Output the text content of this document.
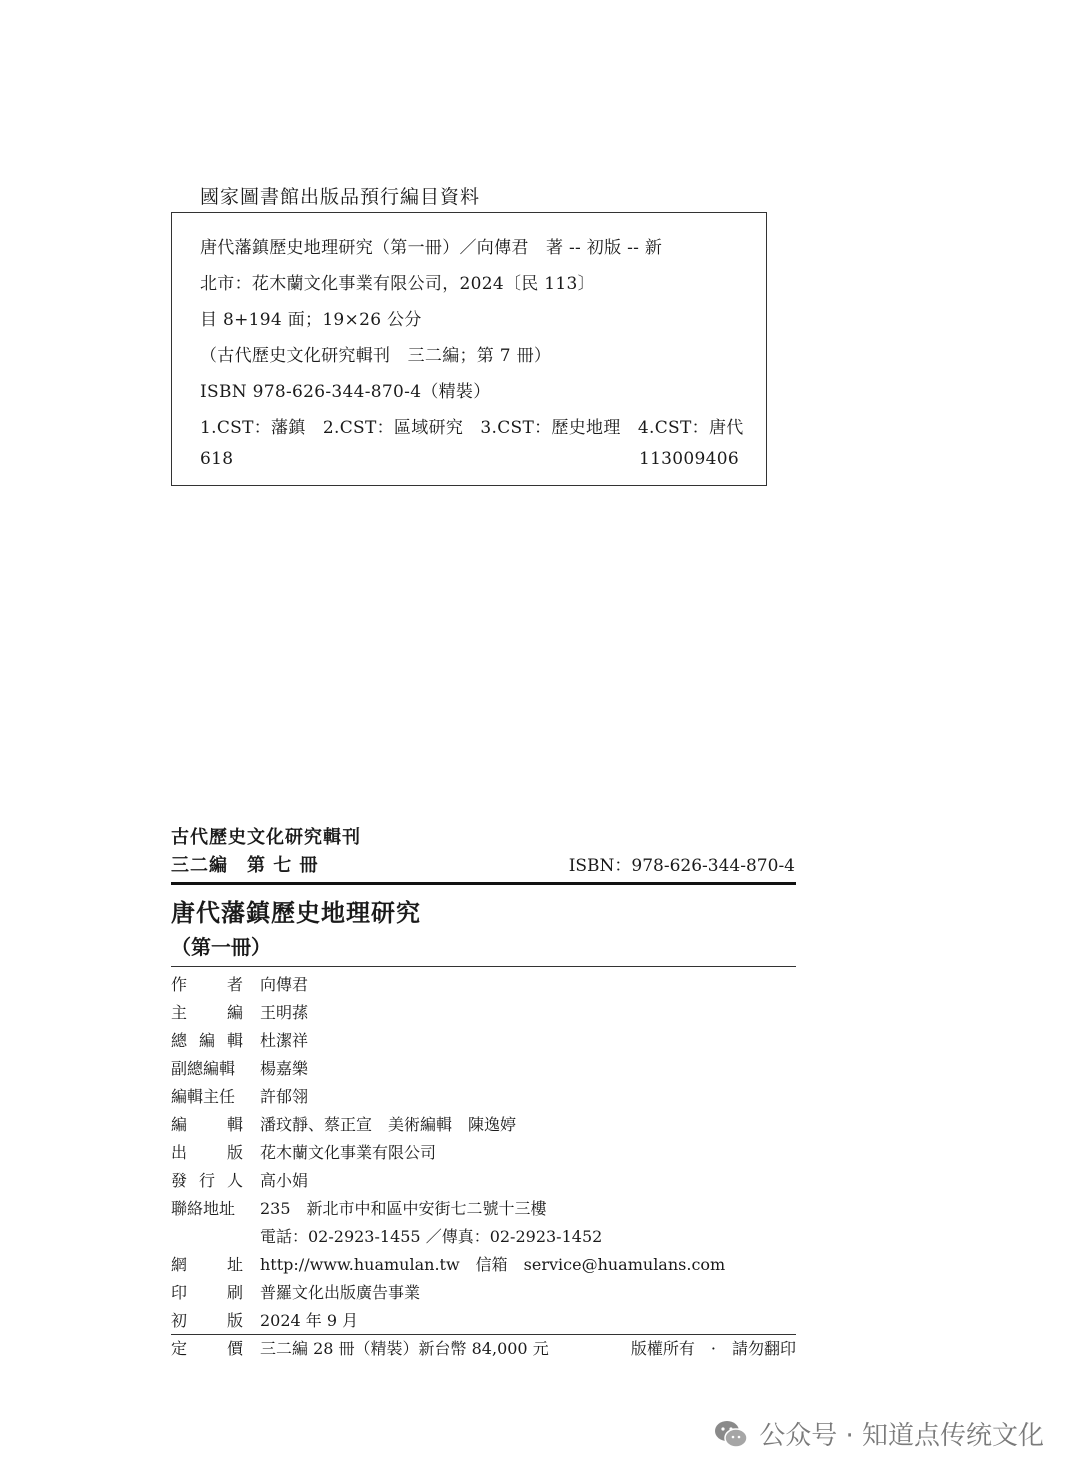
國家圖書館出版品預行編目資料
唐代藩鎮歷史地理研究（第一冊）／向傳君　著 -- 初版 -- 新
北市：花木蘭文化事業有限公司，2024〔民 113〕
目 8+194 面；19×26 公分
（古代歷史文化研究輯刊　三二編；第 7 冊）
ISBN 978-626-344-870-4（精裝）
1.CST：藩鎮　2.CST：區域研究　3.CST：歷史地理　4.CST：唐代
618	113009406
古代歷史文化研究輯刊
三二編　第 七 冊	ISBN：978-626-344-870-4
唐代藩鎮歷史地理研究
（第一冊）
作 者 向傳君
主 編 王明蓀
總 編 輯 杜潔祥
副總編輯 楊嘉樂
編輯主任 許郁翎
編 輯 潘玟靜、蔡正宣　美術編輯　陳逸婷
出 版 花木蘭文化事業有限公司
發 行 人 高小娟
聯絡地址 235　新北市中和區中安街七二號十三樓
電話：02-2923-1455 ／傳真：02-2923-1452
網 址 http://www.huamulan.tw　信箱　service@huamulans.com
印 刷 普羅文化出版廣告事業
初 版 2024 年 9 月
定 價 三二編 28 冊（精裝）新台幣 84,000 元	版權所有　·　請勿翻印
公众号 · 知道点传统文化
